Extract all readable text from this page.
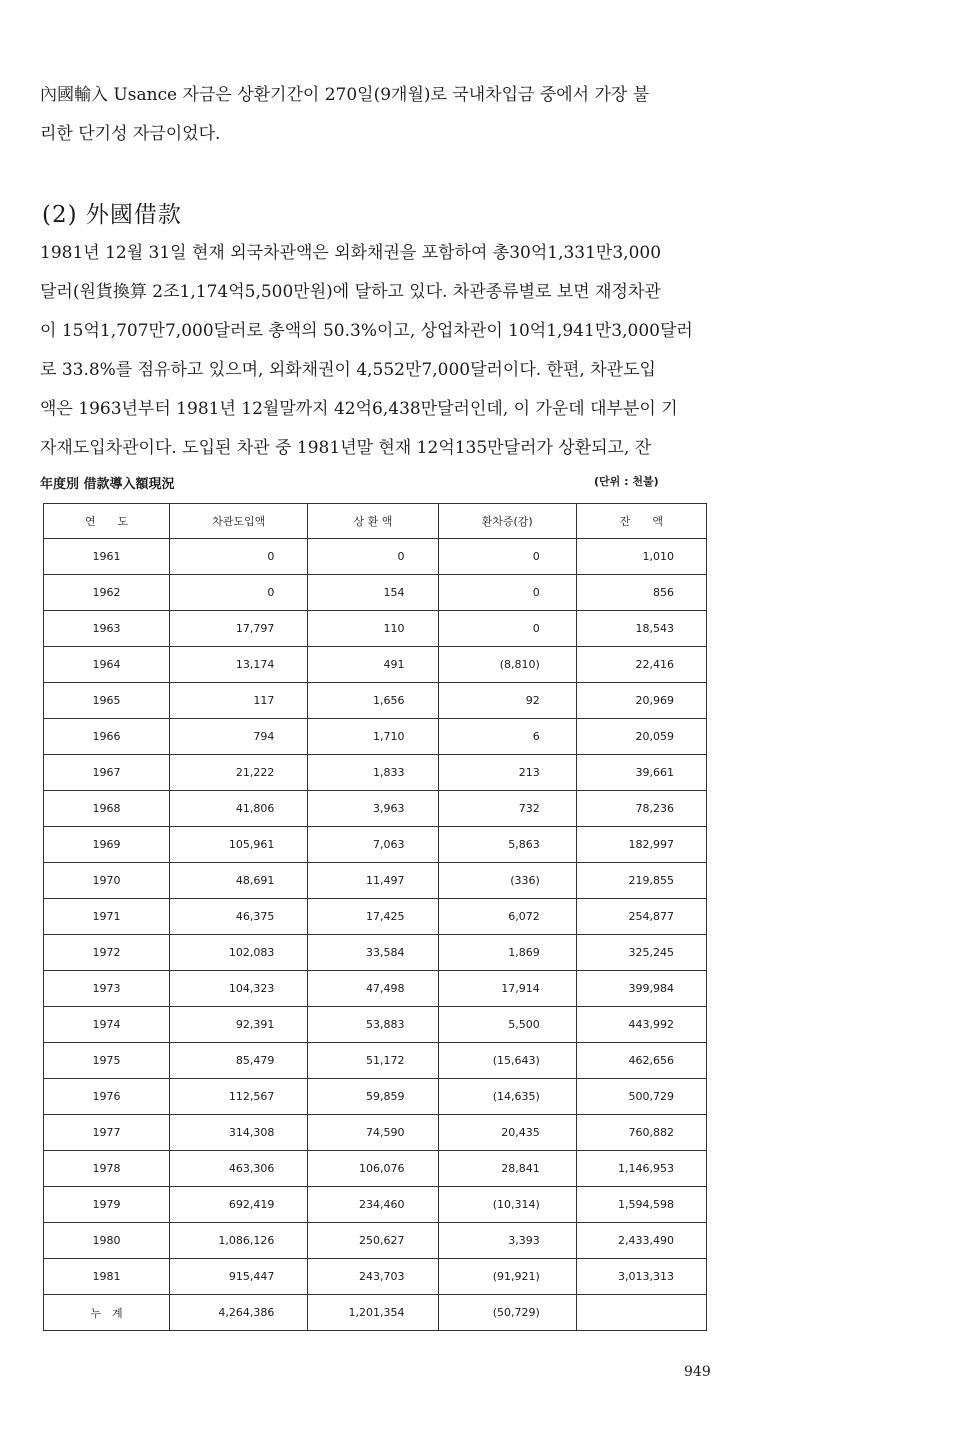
內國輸入 Usance 자금은 상환기간이 270일(9개월)로 국내차입금 중에서 가장 불
리한 단기성 자금이었다.
(2) 外國借款
1981년 12월 31일 현재 외국차관액은 외화채권을 포함하여 총30억1,331만3,000
달러(원貨換算 2조1,174억5,500만원)에 달하고 있다. 차관종류별로 보면 재정차관
이 15억1,707만7,000달러로 총액의 50.3%이고, 상업차관이 10억1,941만3,000달러
로 33.8%를 점유하고 있으며, 외화채권이 4,552만7,000달러이다. 한편, 차관도입
액은 1963년부터 1981년 12월말까지 42억6,438만달러인데, 이 가운데 대부분이 기
자재도입차관이다. 도입된 차관 중 1981년말 현재 12억135만달러가 상환되고, 잔
年度別 借款導入額現況	(단위 : 천불)
연　　도	차관도입액	상 환 액	환차증(감)	잔　　액
1961	0	0	0	1,010
1962	0	154	0	856
1963	17,797	110	0	18,543
1964	13,174	491	(8,810)	22,416
1965	117	1,656	92	20,969
1966	794	1,710	6	20,059
1967	21,222	1,833	213	39,661
1968	41,806	3,963	732	78,236
1969	105,961	7,063	5,863	182,997
1970	48,691	11,497	(336)	219,855
1971	46,375	17,425	6,072	254,877
1972	102,083	33,584	1,869	325,245
1973	104,323	47,498	17,914	399,984
1974	92,391	53,883	5,500	443,992
1975	85,479	51,172	(15,643)	462,656
1976	112,567	59,859	(14,635)	500,729
1977	314,308	74,590	20,435	760,882
1978	463,306	106,076	28,841	1,146,953
1979	692,419	234,460	(10,314)	1,594,598
1980	1,086,126	250,627	3,393	2,433,490
1981	915,447	243,703	(91,921)	3,013,313
누　계	4,264,386	1,201,354	(50,729)	
949
